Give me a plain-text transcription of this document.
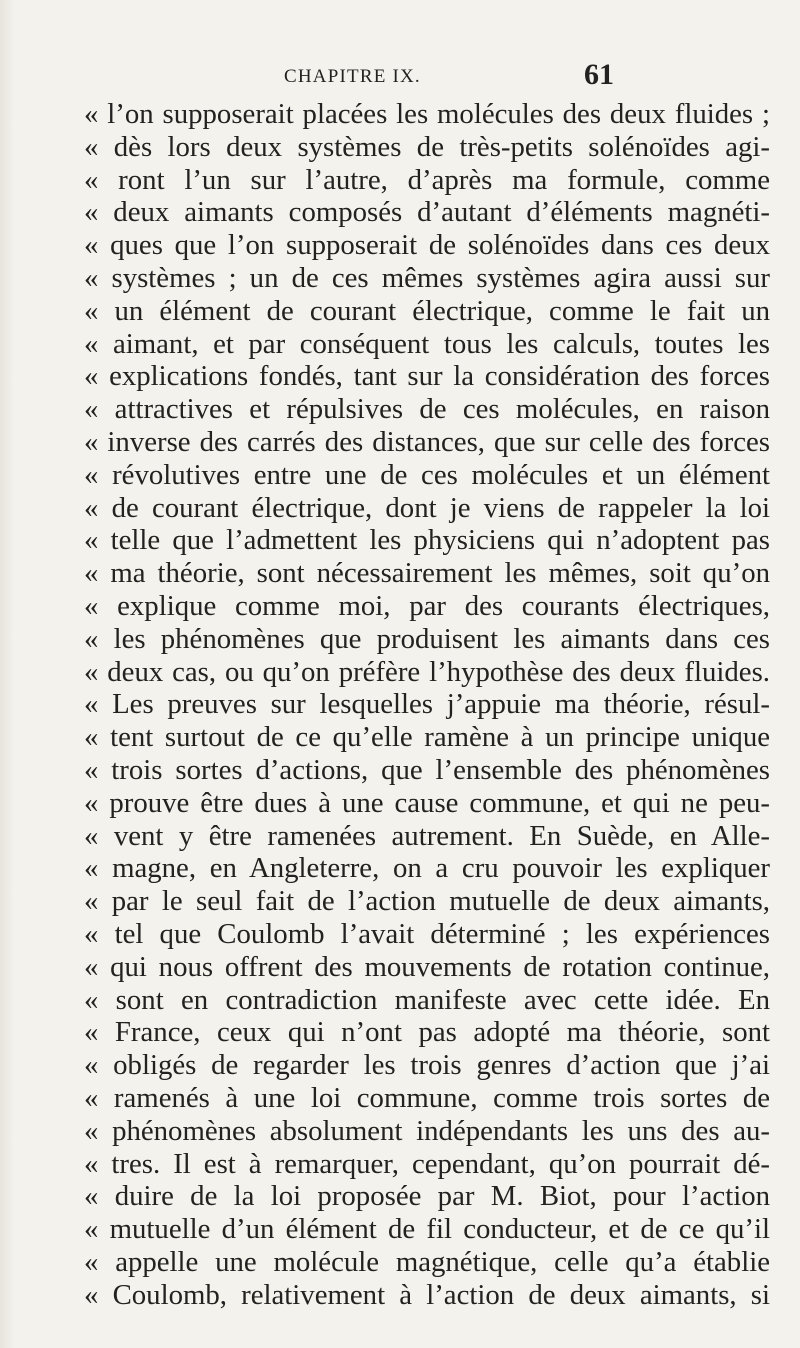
CHAPITRE IX.	61
« l’on supposerait placées les molécules des deux fluides ;
« dès lors deux systèmes de très-petits solénoïdes agi-
« ront l’un sur l’autre, d’après ma formule, comme
« deux aimants composés d’autant d’éléments magnéti-
« ques que l’on supposerait de solénoïdes dans ces deux
« systèmes ; un de ces mêmes systèmes agira aussi sur
« un élément de courant électrique, comme le fait un
« aimant, et par conséquent tous les calculs, toutes les
« explications fondés, tant sur la considération des forces
« attractives et répulsives de ces molécules, en raison
« inverse des carrés des distances, que sur celle des forces
« révolutives entre une de ces molécules et un élément
« de courant électrique, dont je viens de rappeler la loi
« telle que l’admettent les physiciens qui n’adoptent pas
« ma théorie, sont nécessairement les mêmes, soit qu’on
« explique comme moi, par des courants électriques,
« les phénomènes que produisent les aimants dans ces
« deux cas, ou qu’on préfère l’hypothèse des deux fluides.
« Les preuves sur lesquelles j’appuie ma théorie, résul-
« tent surtout de ce qu’elle ramène à un principe unique
« trois sortes d’actions, que l’ensemble des phénomènes
« prouve être dues à une cause commune, et qui ne peu-
« vent y être ramenées autrement. En Suède, en Alle-
« magne, en Angleterre, on a cru pouvoir les expliquer
« par le seul fait de l’action mutuelle de deux aimants,
« tel que Coulomb l’avait déterminé ; les expériences
« qui nous offrent des mouvements de rotation continue,
« sont en contradiction manifeste avec cette idée. En
« France, ceux qui n’ont pas adopté ma théorie, sont
« obligés de regarder les trois genres d’action que j’ai
« ramenés à une loi commune, comme trois sortes de
« phénomènes absolument indépendants les uns des au-
« tres. Il est à remarquer, cependant, qu’on pourrait dé-
« duire de la loi proposée par M. Biot, pour l’action
« mutuelle d’un élément de fil conducteur, et de ce qu’il
« appelle une molécule magnétique, celle qu’a établie
« Coulomb, relativement à l’action de deux aimants, si
